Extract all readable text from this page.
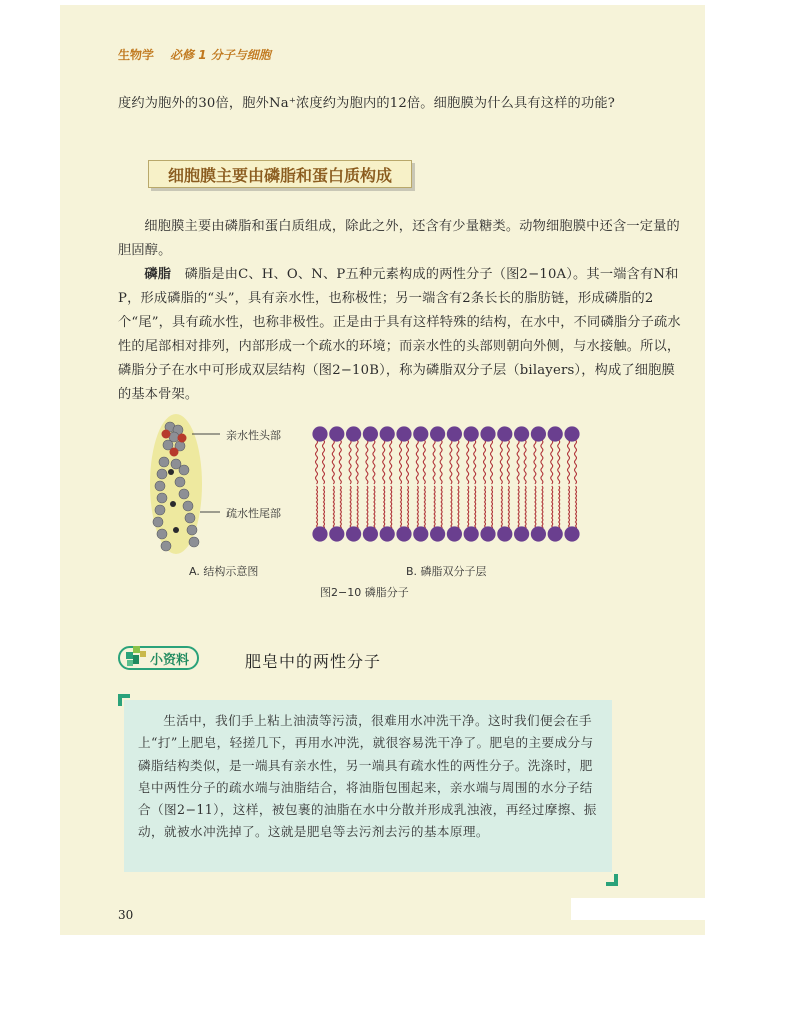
生物学 必修 1 分子与细胞
度约为胞外的30倍，胞外Na⁺浓度约为胞内的12倍。细胞膜为什么具有这样的功能?
细胞膜主要由磷脂和蛋白质构成
细胞膜主要由磷脂和蛋白质组成，除此之外，还含有少量糖类。动物细胞膜中还含一定量的胆固醇。
磷脂　 磷脂是由C、H、O、N、P五种元素构成的两性分子（图2−10A）。其一端含有N和P，形成磷脂的“头”，具有亲水性，也称极性；另一端含有2条长长的脂肪链，形成磷脂的2个“尾”，具有疏水性，也称非极性。正是由于具有这样特殊的结构，在水中，不同磷脂分子疏水性的尾部相对排列，内部形成一个疏水的环境；而亲水性的头部则朝向外侧，与水接触。所以，磷脂分子在水中可形成双层结构（图2−10B），称为磷脂双分子层（bilayers），构成了细胞膜的基本骨架。
亲水性头部
疏水性尾部
A. 结构示意图	B. 磷脂双分子层
图2−10 磷脂分子
小资料	肥皂中的两性分子
生活中，我们手上粘上油渍等污渍，很难用水冲洗干净。这时我们便会在手上“打”上肥皂，轻搓几下，再用水冲洗，就很容易洗干净了。肥皂的主要成分与磷脂结构类似，是一端具有亲水性，另一端具有疏水性的两性分子。洗涤时，肥皂中两性分子的疏水端与油脂结合，将油脂包围起来，亲水端与周围的水分子结合（图2−11），这样，被包裹的油脂在水中分散并形成乳浊液，再经过摩擦、振动，就被水冲洗掉了。这就是肥皂等去污剂去污的基本原理。
30
